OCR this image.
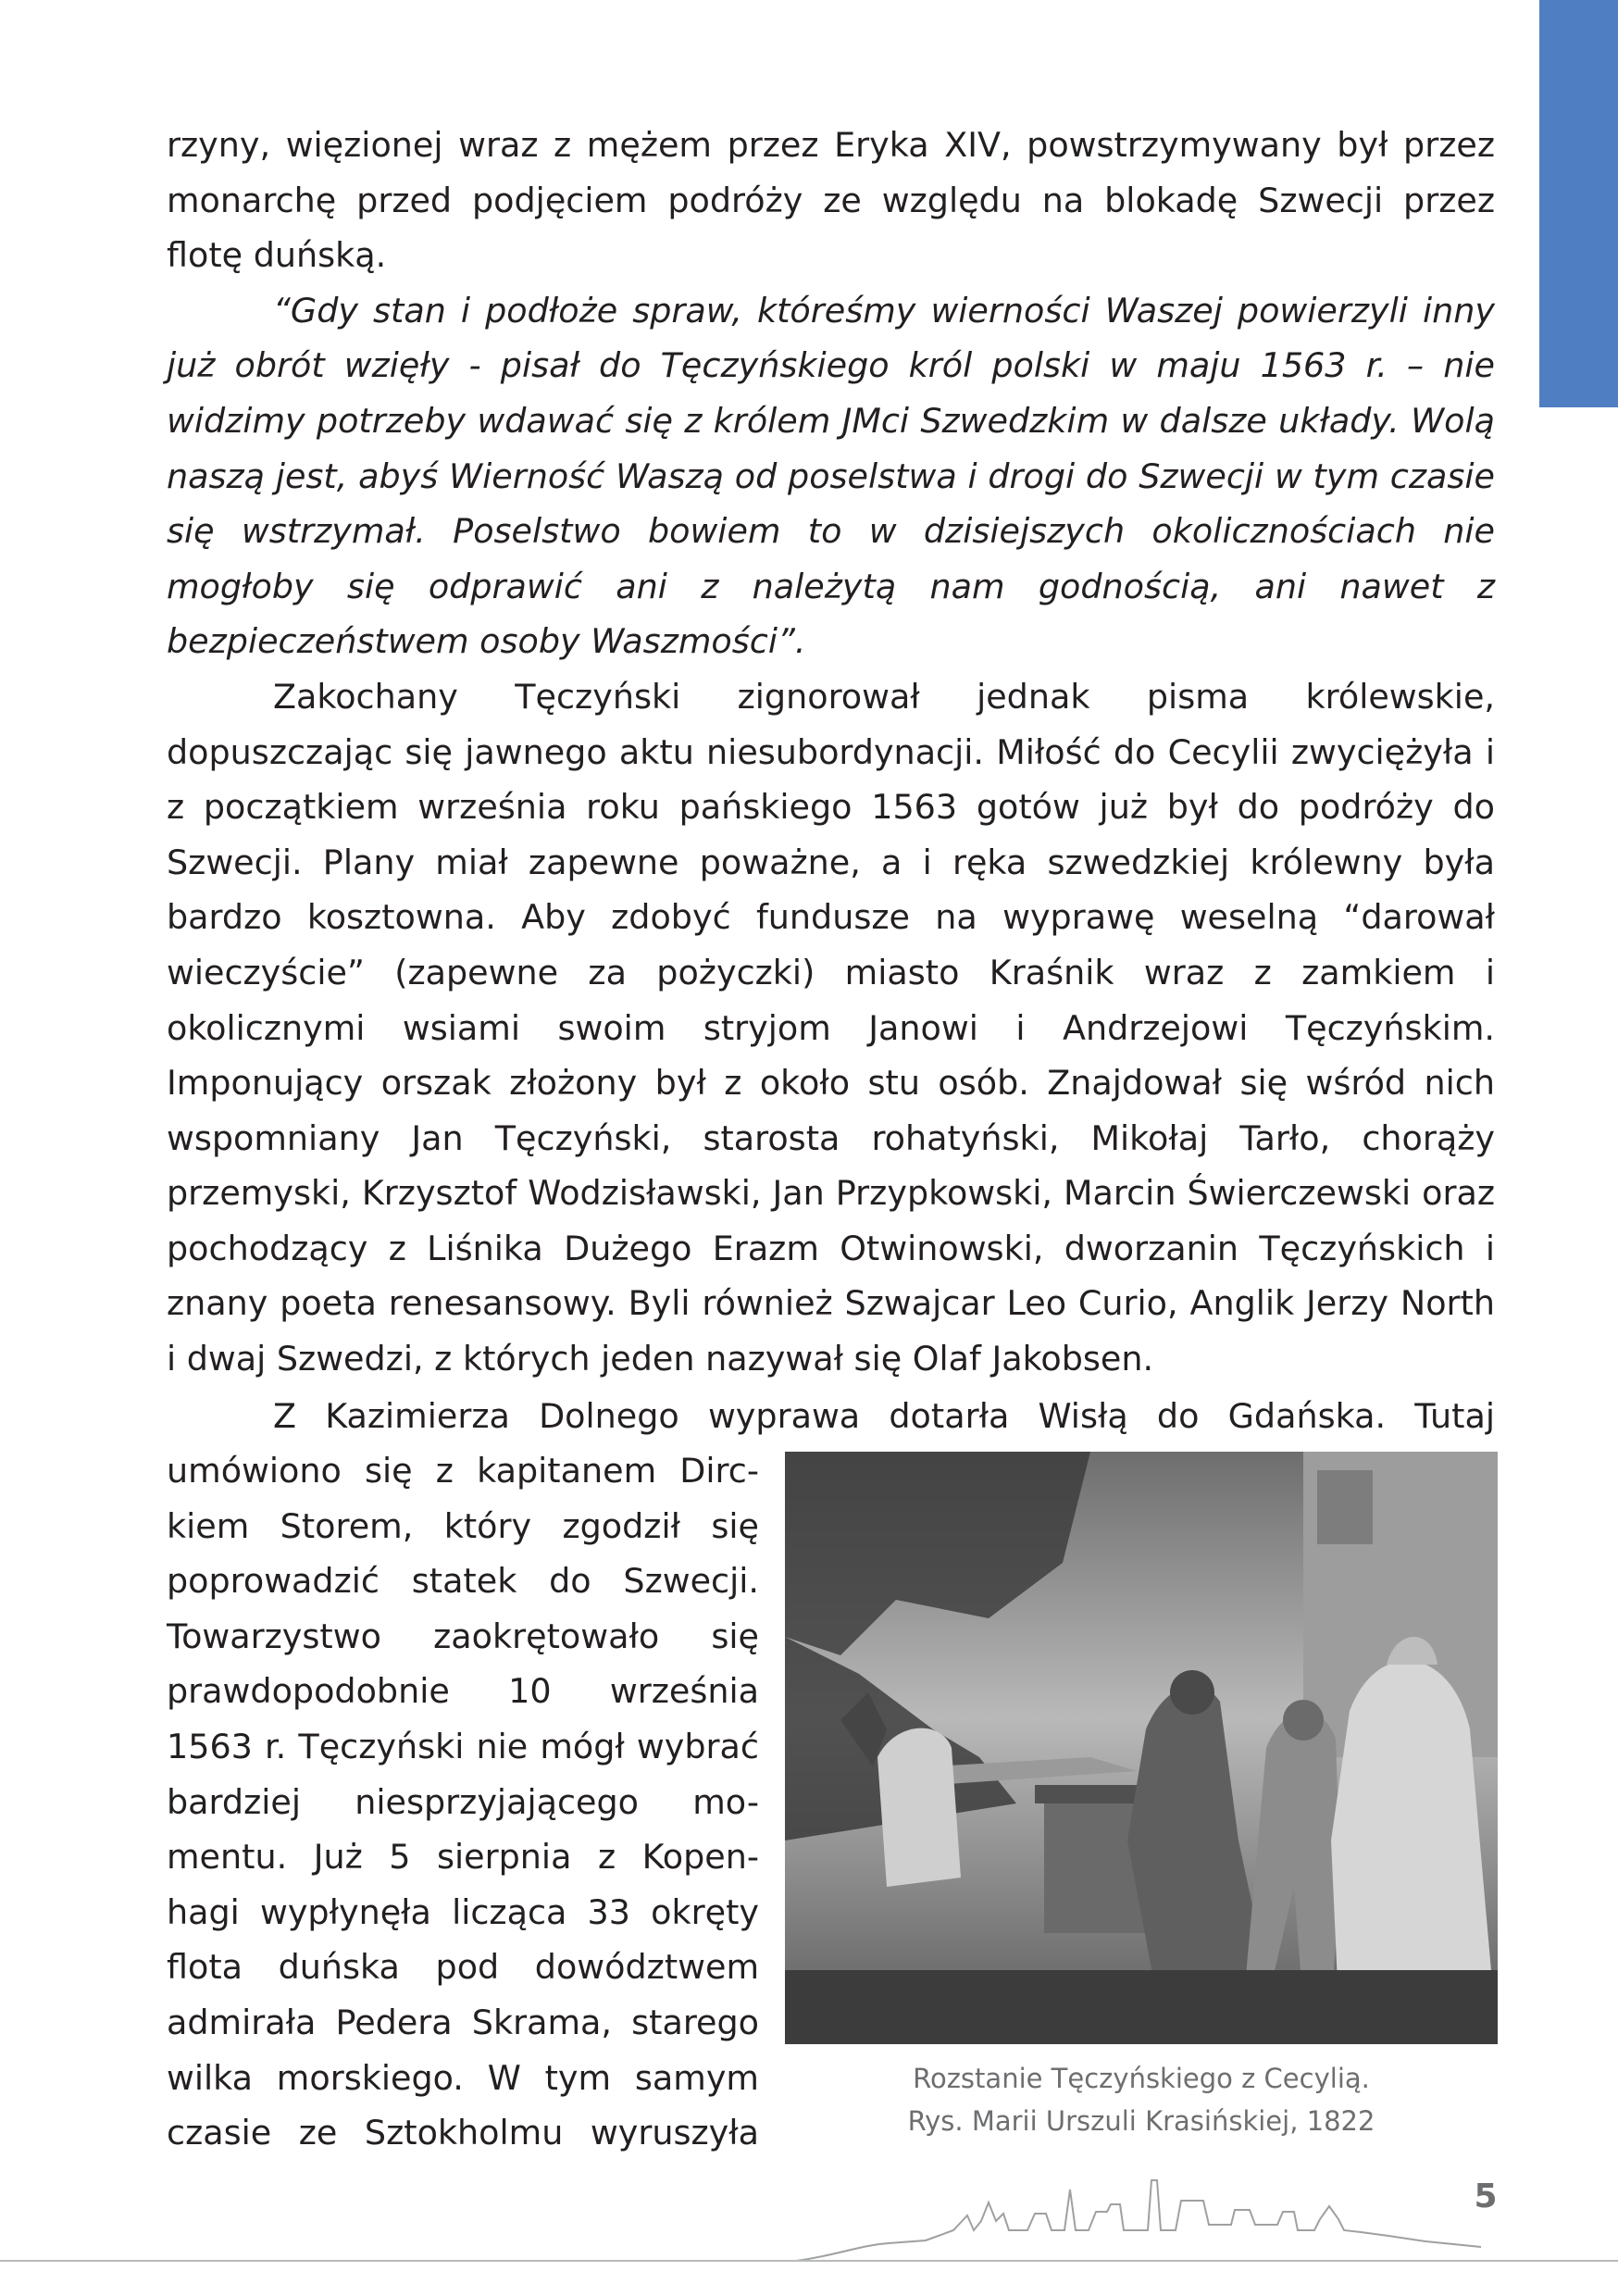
rzyny, więzionej wraz z mężem przez Eryka XIV, powstrzymywany był przez monarchę przed podjęciem podróży ze względu na blokadę Szwecji przez flotę duńską.

“Gdy stan i podłoże spraw, któreśmy wierności Waszej powierzyli inny już obrót wzięły - pisał do Tęczyńskiego król polski w maju 1563 r. – nie widzimy potrzeby wdawać się z królem JMci Szwedzkim w dalsze układy. Wolą naszą jest, abyś Wierność Waszą od poselstwa i drogi do Szwecji w tym czasie się wstrzymał. Poselstwo bowiem to w dzisiejszych okolicznościach nie mogłoby się odprawić ani z należytą nam godnością, ani nawet z bezpieczeństwem osoby Waszmości”.

Zakochany Tęczyński zignorował jednak pisma królewskie, dopuszczając się jawnego aktu niesubordynacji. Miłość do Cecylii zwyciężyła i z początkiem września roku pańskiego 1563 gotów już był do podróży do Szwecji. Plany miał zapewne poważne, a i ręka szwedzkiej królewny była bardzo kosztowna. Aby zdobyć fundusze na wyprawę weselną “darował wieczyście” (zapewne za pożyczki) miasto Kraśnik wraz z zamkiem i okolicznymi wsiami swoim stryjom Janowi i Andrzejowi Tęczyńskim. Imponujący orszak złożony był z około stu osób. Znajdował się wśród nich wspomniany Jan Tęczyński, starosta rohatyński, Mikołaj Tarło, chorąży przemyski, Krzysztof Wodzisławski, Jan Przypkowski, Marcin Świerczewski oraz pochodzący z Liśnika Dużego Erazm Otwinowski, dworzanin Tęczyńskich i znany poeta renesansowy. Byli również Szwajcar Leo Curio, Anglik Jerzy North i dwaj Szwedzi, z których jeden nazywał się Olaf Jakobsen.

Z Kazimierza Dolnego wyprawa dotarła Wisłą do Gdańska. Tutaj

umówiono się z kapitanem Dirc-
kiem Storem, który zgodził się
poprowadzić statek do Szwecji.
Towarzystwo zaokrętowało się
prawdopodobnie 10 września
1563 r. Tęczyński nie mógł wybrać
bardziej niesprzyjającego mo-
mentu. Już 5 sierpnia z Kopen-
hagi wypłynęła licząca 33 okręty
flota duńska pod dowództwem
admirała Pedera Skrama, starego
wilka morskiego. W tym samym
czasie ze Sztokholmu wyruszyła
Rozstanie Tęczyńskiego z Cecylią.
Rys. Marii Urszuli Krasińskiej, 1822
5
